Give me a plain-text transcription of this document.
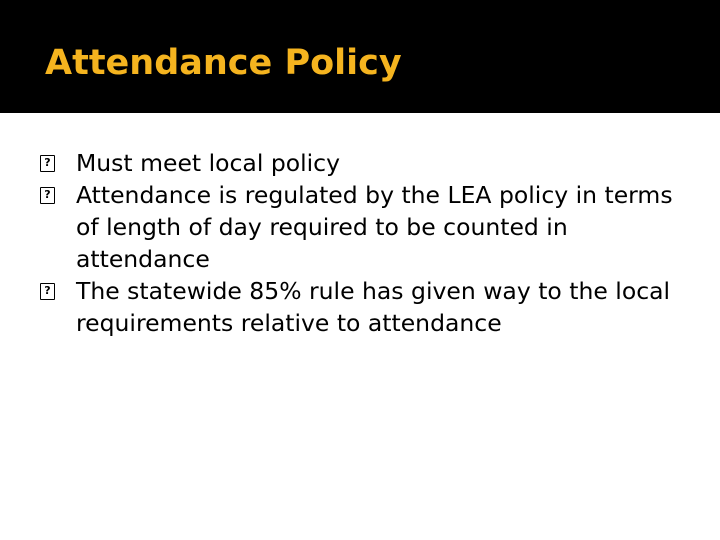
Attendance Policy
?
Must meet local policy
?
Attendance is regulated by the LEA policy in terms of length of day required to be counted in attendance
?
The statewide 85% rule has given way to the local requirements relative to attendance
